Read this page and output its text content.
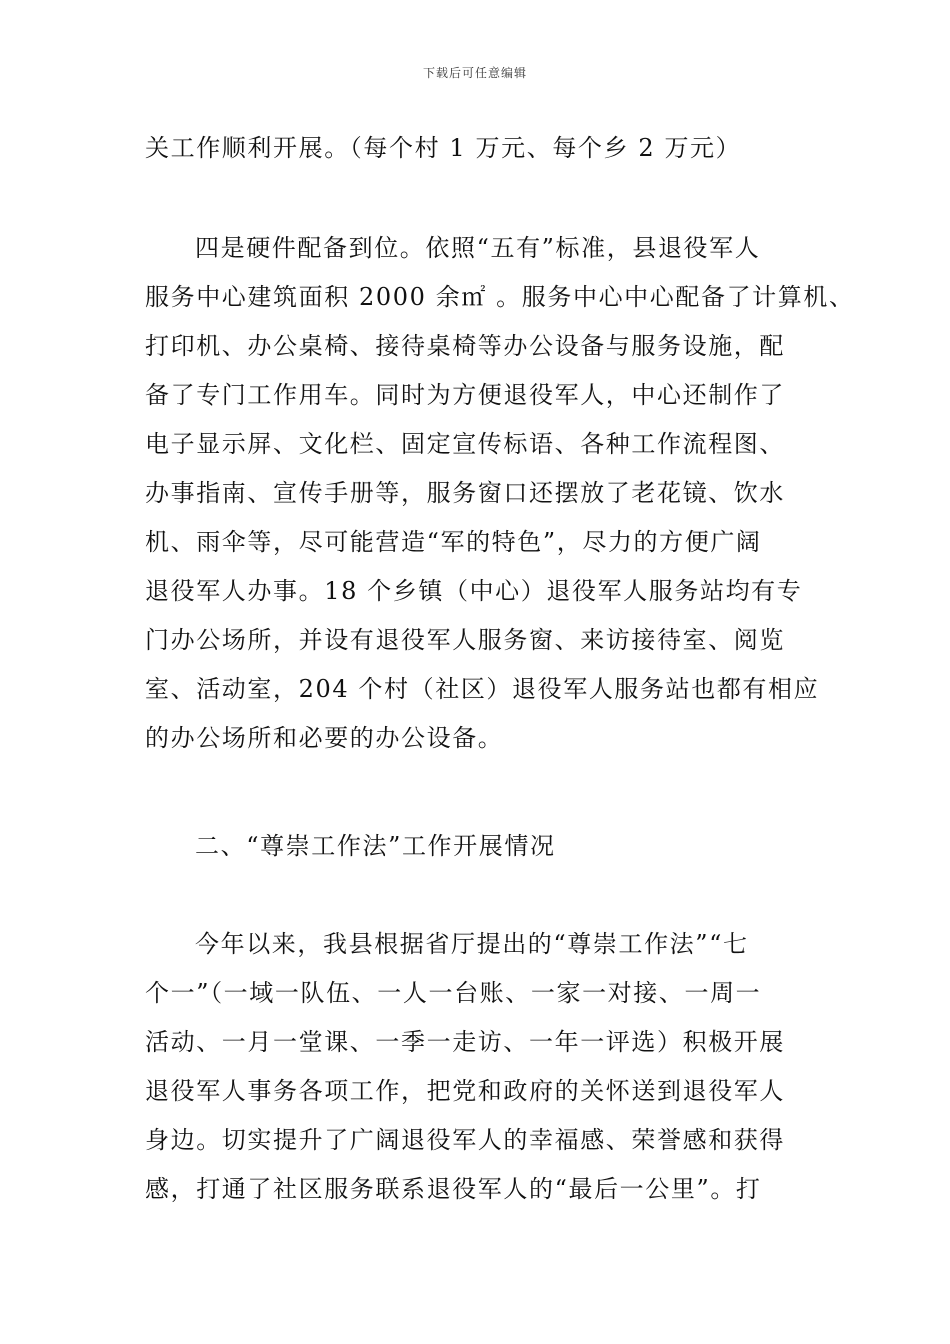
下载后可任意编辑
关工作顺利开展。（每个村 1 万元、每个乡 2 万元）
四是硬件配备到位。依照“五有”标准，县退役军人
服务中心建筑面积 2000 余㎡ 。服务中心中心配备了计算机、
打印机、办公桌椅、接待桌椅等办公设备与服务设施，配
备了专门工作用车。同时为方便退役军人，中心还制作了
电子显示屏、文化栏、固定宣传标语、各种工作流程图、
办事指南、宣传手册等，服务窗口还摆放了老花镜、饮水
机、雨伞等，尽可能营造“军的特色”，尽力的方便广阔
退役军人办事。18 个乡镇（中心）退役军人服务站均有专
门办公场所，并设有退役军人服务窗、来访接待室、阅览
室、活动室，204 个村（社区）退役军人服务站也都有相应
的办公场所和必要的办公设备。
二、“尊崇工作法”工作开展情况
今年以来，我县根据省厅提出的“尊崇工作法”“七
个一”（一域一队伍、一人一台账、一家一对接、一周一
活动、一月一堂课、一季一走访、一年一评选）积极开展
退役军人事务各项工作，把党和政府的关怀送到退役军人
身边。切实提升了广阔退役军人的幸福感、荣誉感和获得
感，打通了社区服务联系退役军人的“最后一公里”。打
